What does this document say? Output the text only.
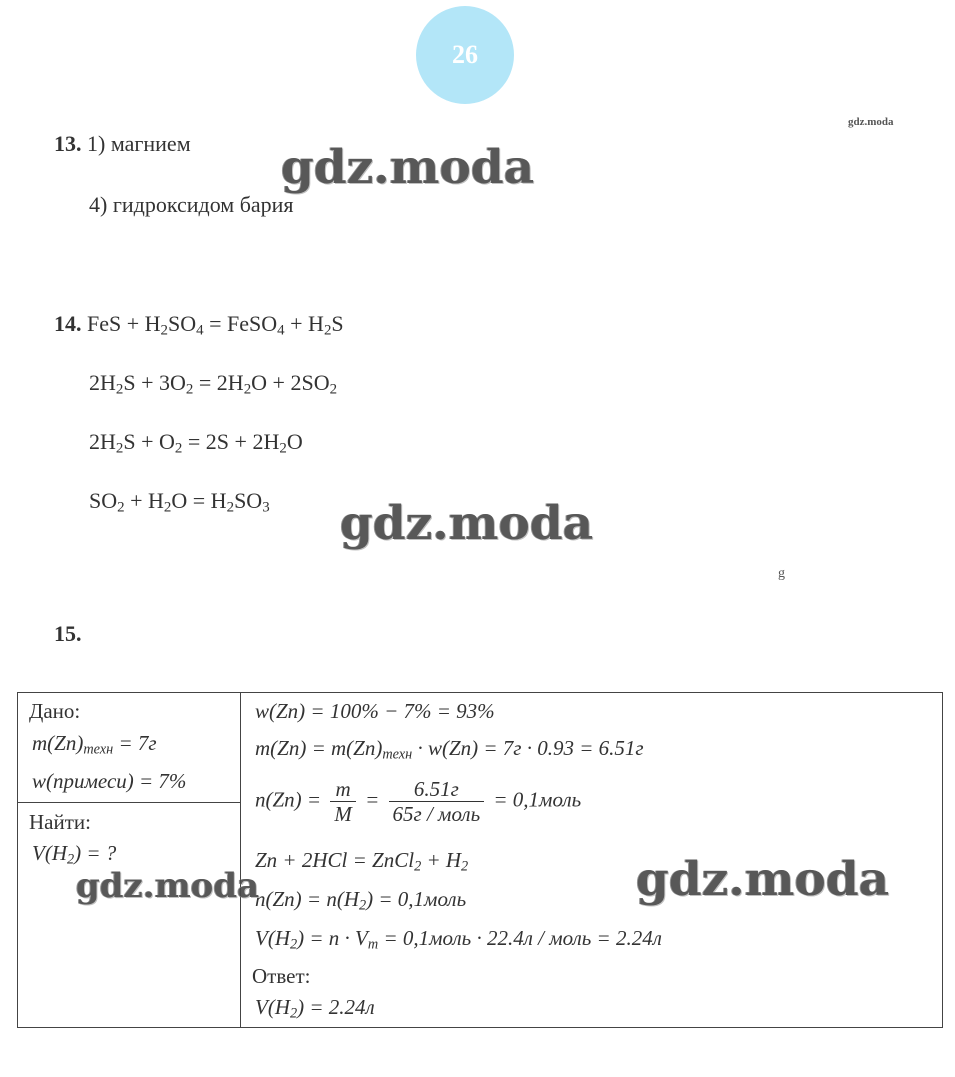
26
gdz.moda
13. 1) магнием
4) гидроксидом бария
14. FeS + $H_2SO_4$ = FeSO$_4$ + $H_2S$
$2H_2S + 3O_2 = 2H_2O + 2SO_2$
$2H_2S + O_2 = 2S + 2H_2O$
$SO_2 + H_2O = H_2SO_3$
g
15.
Дано:
$m(Zn)_{техн} = 7г$
w(примеси) = 7%
Найти:
$V(H_2)$ = ?
w(Zn) = 100% − 7% = 93%
$m(Zn) = m(Zn)_{техн} \cdot w(Zn) = 7г \cdot 0.93 = 6.51г$
$n(Zn) = \frac{m}{M} = \frac{6.51г}{\text{65г / моль}}$ = 0,1моль
Zn + 2HCl = ZnCl$_2$ + $H_2$
$n(Zn) = n(H_2)$ = 0,1моль
$V(H_2) = n \cdot V_m$ = 0,1моль · 22.4л / моль = 2.24л
Ответ:
$V(H_2) = 2.24л$
gdz.moda
gdz.moda
gdz.moda	gdz.moda
